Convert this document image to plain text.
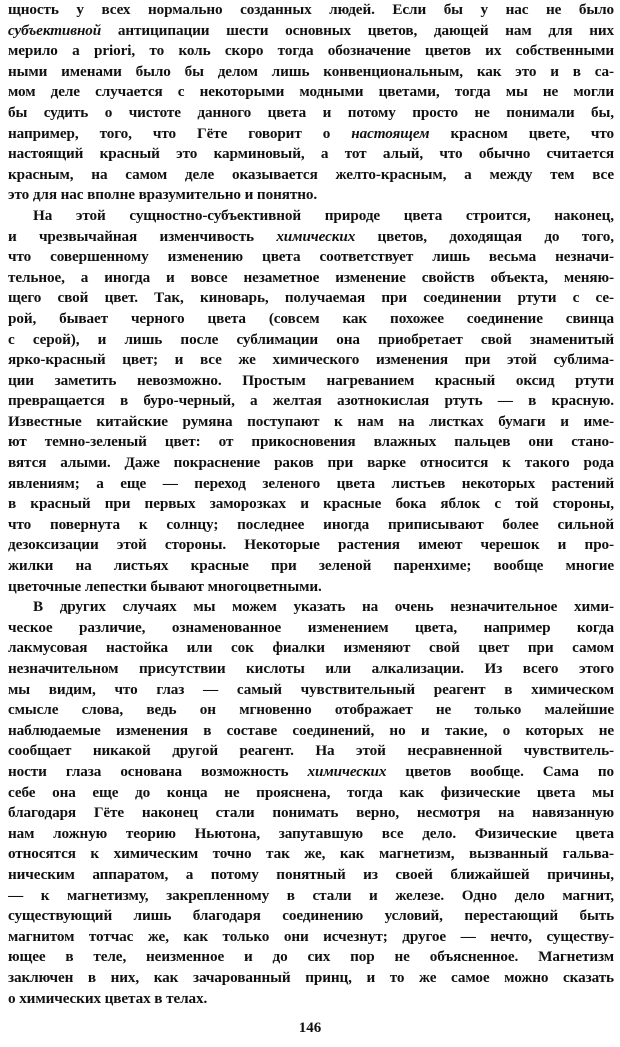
щность у всех нормально созданных людей. Если бы у нас не было
субъективной антиципации шести основных цветов, дающей нам для них
мерило a priori, то коль скоро тогда обозначение цветов их собственными
ными именами было бы делом лишь конвенциональным, как это и в са-
мом деле случается с некоторыми модными цветами, тогда мы не могли
бы судить о чистоте данного цвета и потому просто не понимали бы,
например, того, что Гёте говорит о настоящем красном цвете, что
настоящий красный это карминовый, а тот алый, что обычно считается
красным, на самом деле оказывается желто-красным, а между тем все
это для нас вполне вразумительно и понятно.
На этой сущностно-субъективной природе цвета строится, наконец,
и чрезвычайная изменчивость химических цветов, доходящая до того,
что совершенному изменению цвета соответствует лишь весьма незначи-
тельное, а иногда и вовсе незаметное изменение свойств объекта, меняю-
щего свой цвет. Так, киноварь, получаемая при соединении ртути с се-
рой, бывает черного цвета (совсем как похожее соединение свинца
с серой), и лишь после сублимации она приобретает свой знаменитый
ярко-красный цвет; и все же химического изменения при этой сублима-
ции заметить невозможно. Простым нагреванием красный оксид ртути
превращается в буро-черный, а желтая азотнокислая ртуть — в красную.
Известные китайские румяна поступают к нам на листках бумаги и име-
ют темно-зеленый цвет: от прикосновения влажных пальцев они стано-
вятся алыми. Даже покраснение раков при варке относится к такого рода
явлениям; а еще — переход зеленого цвета листьев некоторых растений
в красный при первых заморозках и красные бока яблок с той стороны,
что повернута к солнцу; последнее иногда приписывают более сильной
дезоксизации этой стороны. Некоторые растения имеют черешок и про-
жилки на листьях красные при зеленой паренхиме; вообще многие
цветочные лепестки бывают многоцветными.
В других случаях мы можем указать на очень незначительное хими-
ческое различие, ознаменованное изменением цвета, например когда
лакмусовая настойка или сок фиалки изменяют свой цвет при самом
незначительном присутствии кислоты или алкализации. Из всего этого
мы видим, что глаз — самый чувствительный реагент в химическом
смысле слова, ведь он мгновенно отображает не только малейшие
наблюдаемые изменения в составе соединений, но и такие, о которых не
сообщает никакой другой реагент. На этой несравненной чувствитель-
ности глаза основана возможность химических цветов вообще. Сама по
себе она еще до конца не прояснена, тогда как физические цвета мы
благодаря Гёте наконец стали понимать верно, несмотря на навязанную
нам ложную теорию Ньютона, запутавшую все дело. Физические цвета
относятся к химическим точно так же, как магнетизм, вызванный гальва-
ническим аппаратом, а потому понятный из своей ближайшей причины,
— к магнетизму, закрепленному в стали и железе. Одно дело магнит,
существующий лишь благодаря соединению условий, перестающий быть
магнитом тотчас же, как только они исчезнут; другое — нечто, существу-
ющее в теле, неизменное и до сих пор не объясненное. Магнетизм
заключен в них, как зачарованный принц, и то же самое можно сказать
о химических цветах в телах.
146
